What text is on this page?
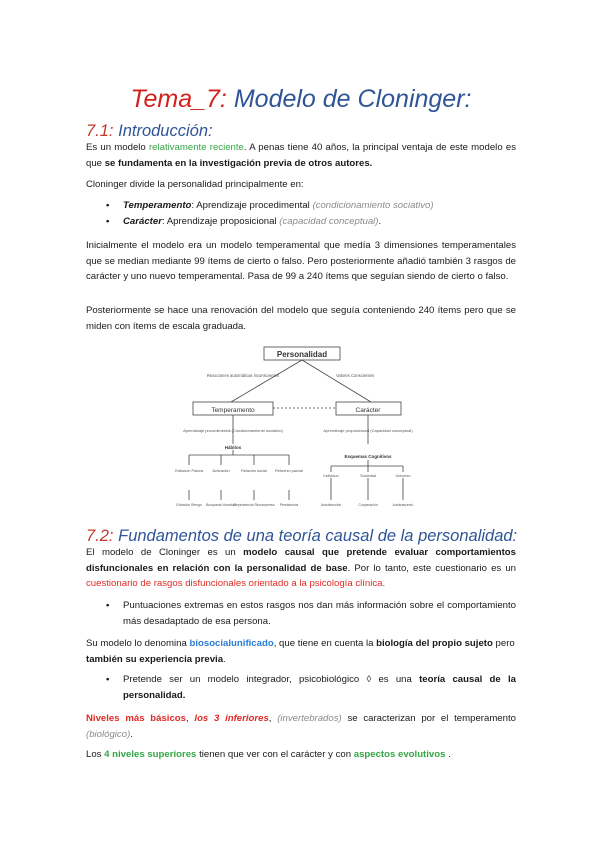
Tema_7: Modelo de Cloninger:
7.1: Introducción:

Es un modelo relativamente reciente. A penas tiene 40 años, la principal ventaja de este modelo es que se fundamenta en la investigación previa de otros autores.

Cloninger divide la personalidad principalmente en:

• Temperamento: Aprendizaje procedimental (condicionamiento sociativo)
• Carácter: Aprendizaje proposicional (capacidad conceptual).

Inicialmente el modelo era un modelo temperamental que medía 3 dimensiones temperamentales que se median mediante 99 ítems de cierto o falso. Pero posteriormente añadió también 3 rasgos de carácter y uno nuevo temperamental. Pasa de 99 a 240 ítems que seguían siendo de cierto o falso.

Posteriormente se hace una renovación del modelo que seguía conteniendo 240 ítems pero que se miden con ítems de escala graduada.

Personalidad
Temperamento	Carácter
Reacciones automáticas inconscientes	Valores Conscientes
Aprendizaje procedimental (Condicionamiento sociativo)	Aprendizaje proposicional (Capacidad conceptual)
Hábitos
Esquemas Cognitivos
Evitación Pasiva Activación	Relación social Refuerzo parcial
Individuo	Sociedad	Universo
Evitación Riesgo Búsqueda Novedad
Dependencia Recompensa Persistencia	Autodirección	Cooperación	Autotrascend.
7.2: Fundamentos de una teoría causal de la personalidad:

El modelo de Cloninger es un modelo causal que pretende evaluar comportamientos disfuncionales en relación con la personalidad de base. Por lo tanto, este cuestionario es un cuestionario de rasgos disfuncionales orientado a la psicología clínica.

• Puntuaciones extremas en estos rasgos nos dan más información sobre el comportamiento más desadaptado de esa persona.

Su modelo lo denomina biosocialunificado, que tiene en cuenta la biología del propio sujeto pero también su experiencia previa.

• Pretende ser un modelo integrador, psicobiológico ◊ es una teoría causal de la personalidad.

Niveles más básicos, los 3 inferiores, (invertebrados) se caracterizan por el temperamento (biológico).

Los 4 niveles superiores tienen que ver con el carácter y con aspectos evolutivos .
